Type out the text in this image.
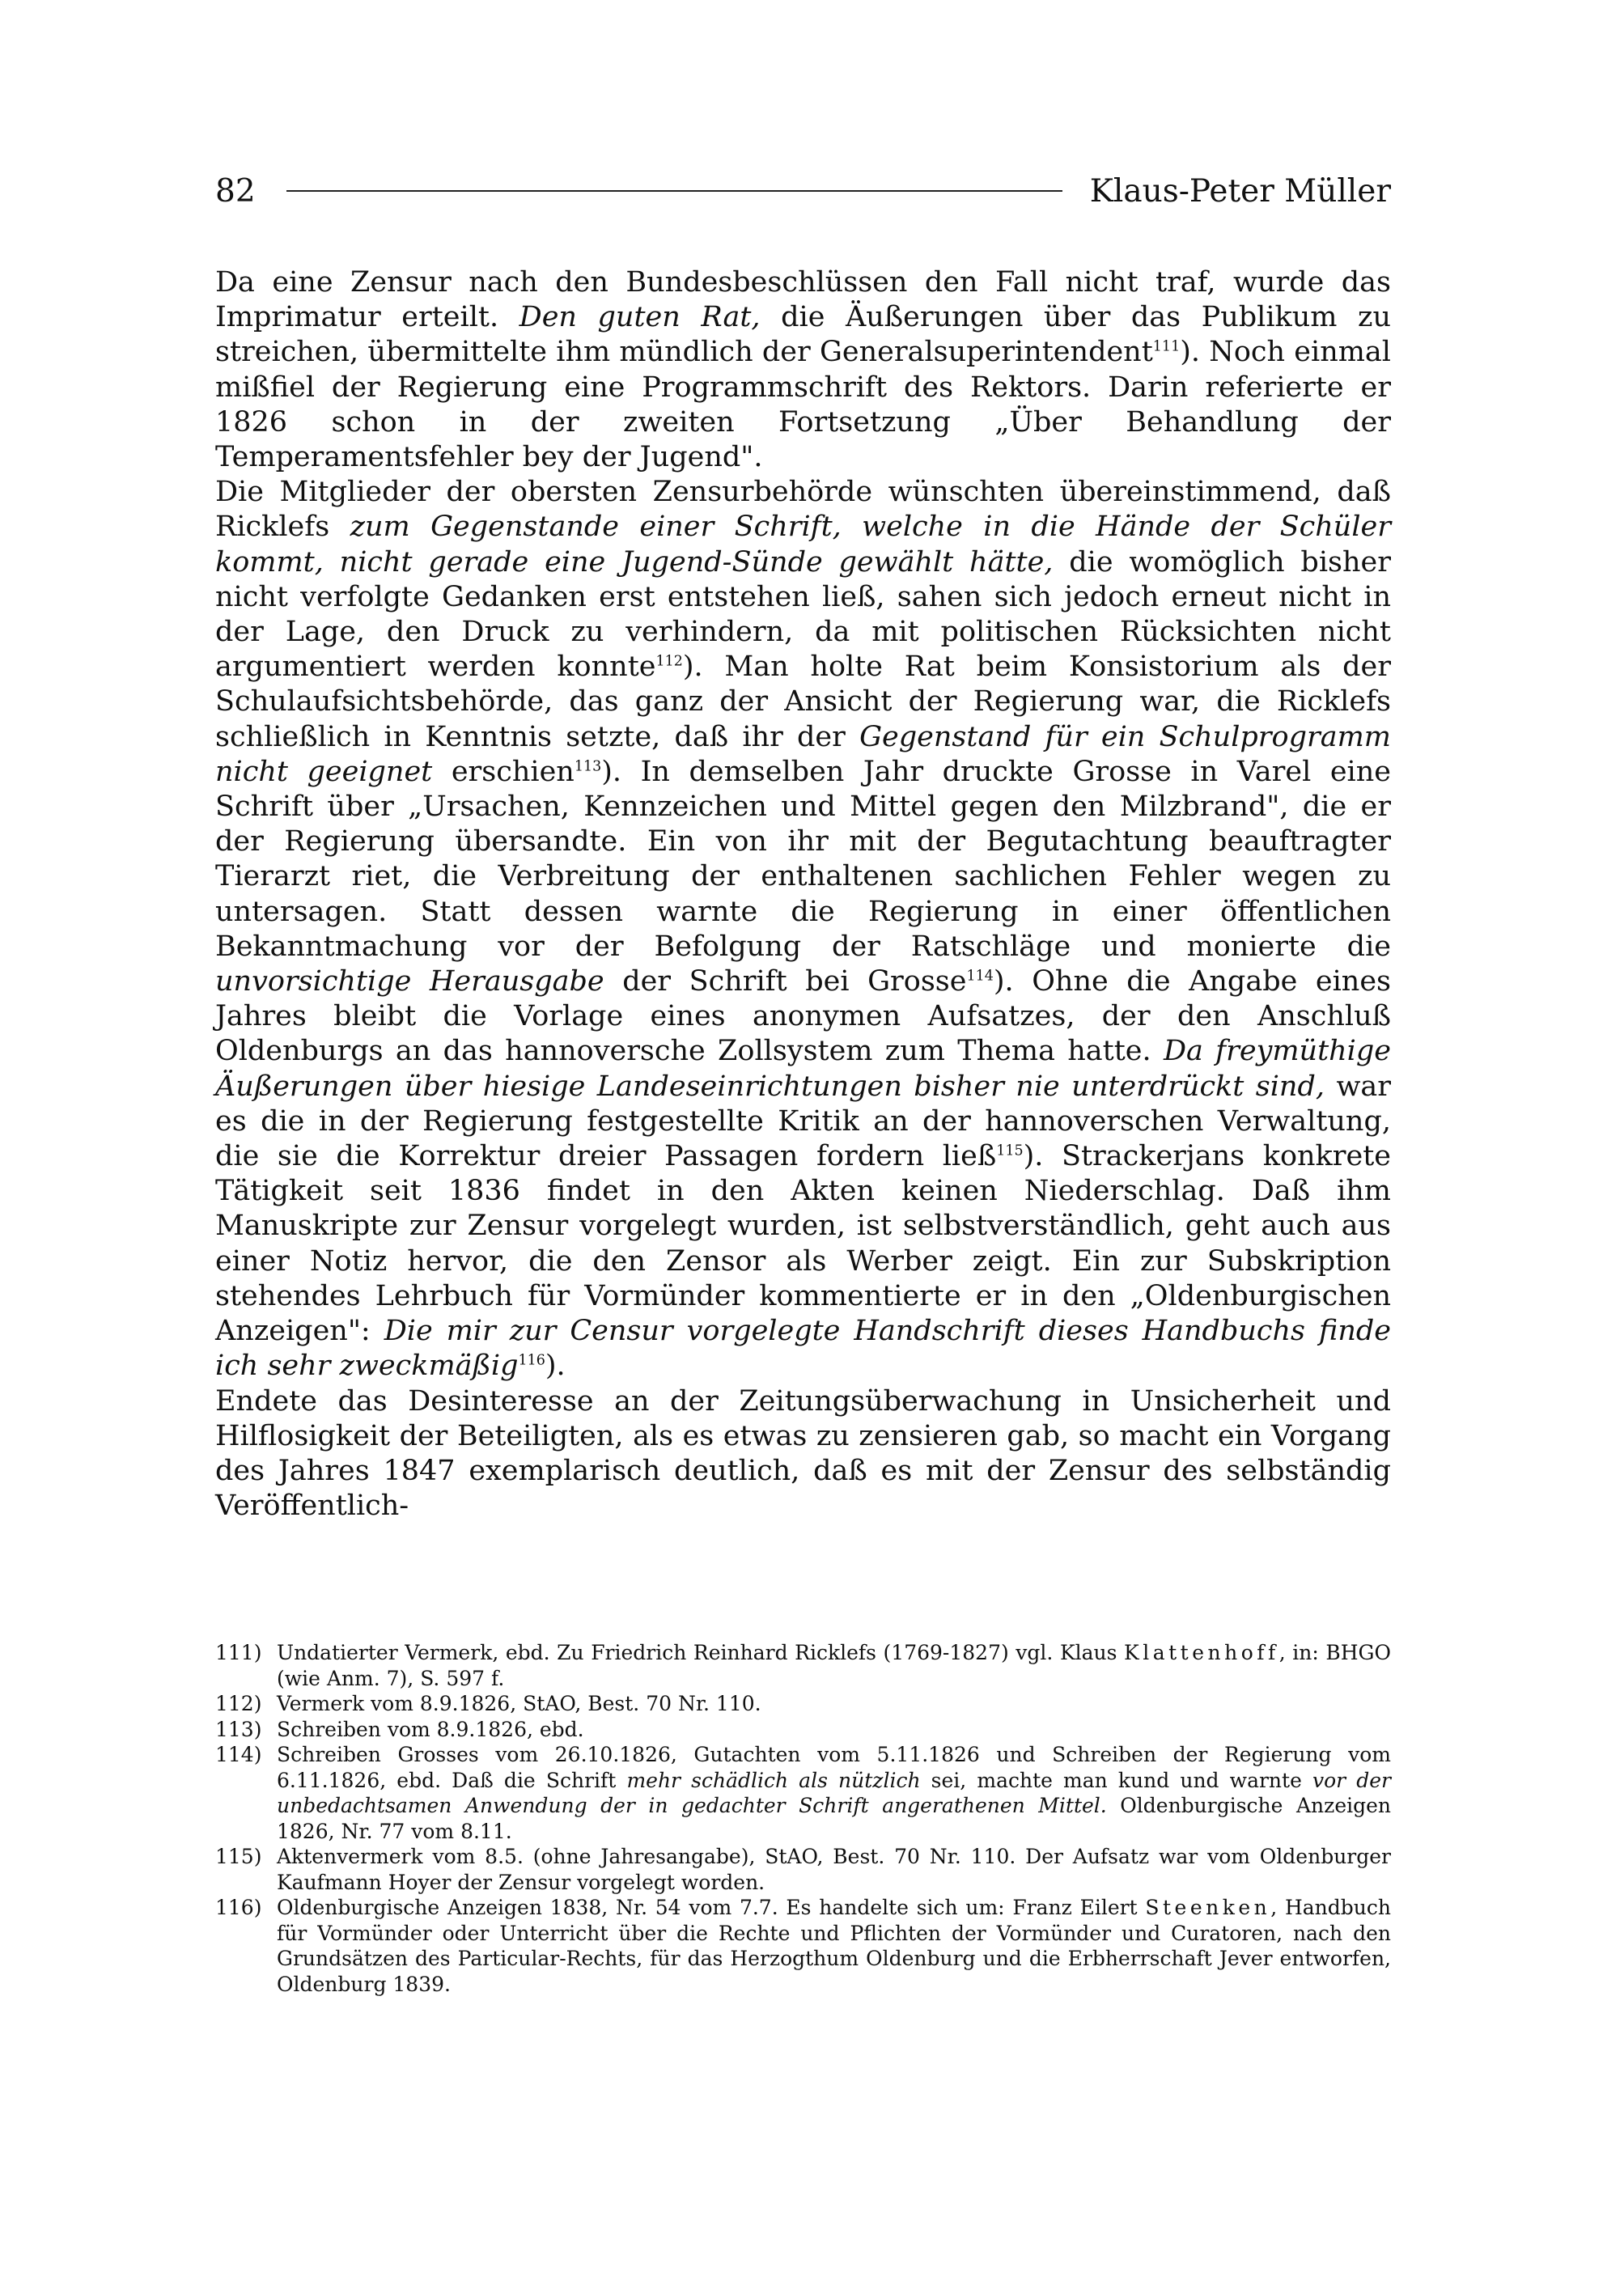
82	Klaus-Peter Müller

Da eine Zensur nach den Bundesbeschlüssen den Fall nicht traf, wurde das Imprimatur erteilt. Den guten Rat, die Äußerungen über das Publikum zu streichen, übermittelte ihm mündlich der Generalsuperintendent$^{111}$). Noch einmal mißfiel der Regierung eine Programmschrift des Rektors. Darin referierte er 1826 schon in der zweiten Fortsetzung „Über Behandlung der Temperamentsfehler bey der Jugend".

Die Mitglieder der obersten Zensurbehörde wünschten übereinstimmend, daß Ricklefs zum Gegenstande einer Schrift, welche in die Hände der Schüler kommt, nicht gerade eine Jugend-Sünde gewählt hätte, die womöglich bisher nicht verfolgte Gedanken erst entstehen ließ, sahen sich jedoch erneut nicht in der Lage, den Druck zu verhindern, da mit politischen Rücksichten nicht argumentiert werden konnte$^{112}$). Man holte Rat beim Konsistorium als der Schulaufsichtsbehörde, das ganz der Ansicht der Regierung war, die Ricklefs schließlich in Kenntnis setzte, daß ihr der Gegenstand für ein Schulprogramm nicht geeignet erschien$^{113}$). In demselben Jahr druckte Grosse in Varel eine Schrift über „Ursachen, Kennzeichen und Mittel gegen den Milzbrand", die er der Regierung übersandte. Ein von ihr mit der Begutachtung beauftragter Tierarzt riet, die Verbreitung der enthaltenen sachlichen Fehler wegen zu untersagen. Statt dessen warnte die Regierung in einer öffentlichen Bekanntmachung vor der Befolgung der Ratschläge und monierte die unvorsichtige Herausgabe der Schrift bei Grosse$^{114}$). Ohne die Angabe eines Jahres bleibt die Vorlage eines anonymen Aufsatzes, der den Anschluß Oldenburgs an das hannoversche Zollsystem zum Thema hatte. Da freymüthige Äußerungen über hiesige Landeseinrichtungen bisher nie unterdrückt sind, war es die in der Regierung festgestellte Kritik an der hannoverschen Verwaltung, die sie die Korrektur dreier Passagen fordern ließ$^{115}$). Strackerjans konkrete Tätigkeit seit 1836 findet in den Akten keinen Niederschlag. Daß ihm Manuskripte zur Zensur vorgelegt wurden, ist selbstverständlich, geht auch aus einer Notiz hervor, die den Zensor als Werber zeigt. Ein zur Subskription stehendes Lehrbuch für Vormünder kommentierte er in den „Oldenburgischen Anzeigen": Die mir zur Censur vorgelegte Handschrift dieses Handbuchs finde ich sehr zweckmäßig$^{116}$).

Endete das Desinteresse an der Zeitungsüberwachung in Unsicherheit und Hilflosigkeit der Beteiligten, als es etwas zu zensieren gab, so macht ein Vorgang des Jahres 1847 exemplarisch deutlich, daß es mit der Zensur des selbständig Veröffentlich-

111) Undatierter Vermerk, ebd. Zu Friedrich Reinhard Ricklefs (1769-1827) vgl. Klaus Klattenhoff, in: BHGO (wie Anm. 7), S. 597 f.
112) Vermerk vom 8.9.1826, StAO, Best. 70 Nr. 110.
113) Schreiben vom 8.9.1826, ebd.
114) Schreiben Grosses vom 26.10.1826, Gutachten vom 5.11.1826 und Schreiben der Regierung vom 6.11.1826, ebd. Daß die Schrift mehr schädlich als nützlich sei, machte man kund und warnte vor der unbedachtsamen Anwendung der in gedachter Schrift angerathenen Mittel. Oldenburgische Anzeigen 1826, Nr. 77 vom 8.11.
115) Aktenvermerk vom 8.5. (ohne Jahresangabe), StAO, Best. 70 Nr. 110. Der Aufsatz war vom Oldenburger Kaufmann Hoyer der Zensur vorgelegt worden.
116) Oldenburgische Anzeigen 1838, Nr. 54 vom 7.7. Es handelte sich um: Franz Eilert Steenken, Handbuch für Vormünder oder Unterricht über die Rechte und Pflichten der Vormünder und Curatoren, nach den Grundsätzen des Particular-Rechts, für das Herzogthum Oldenburg und die Erbherrschaft Jever entworfen, Oldenburg 1839.
